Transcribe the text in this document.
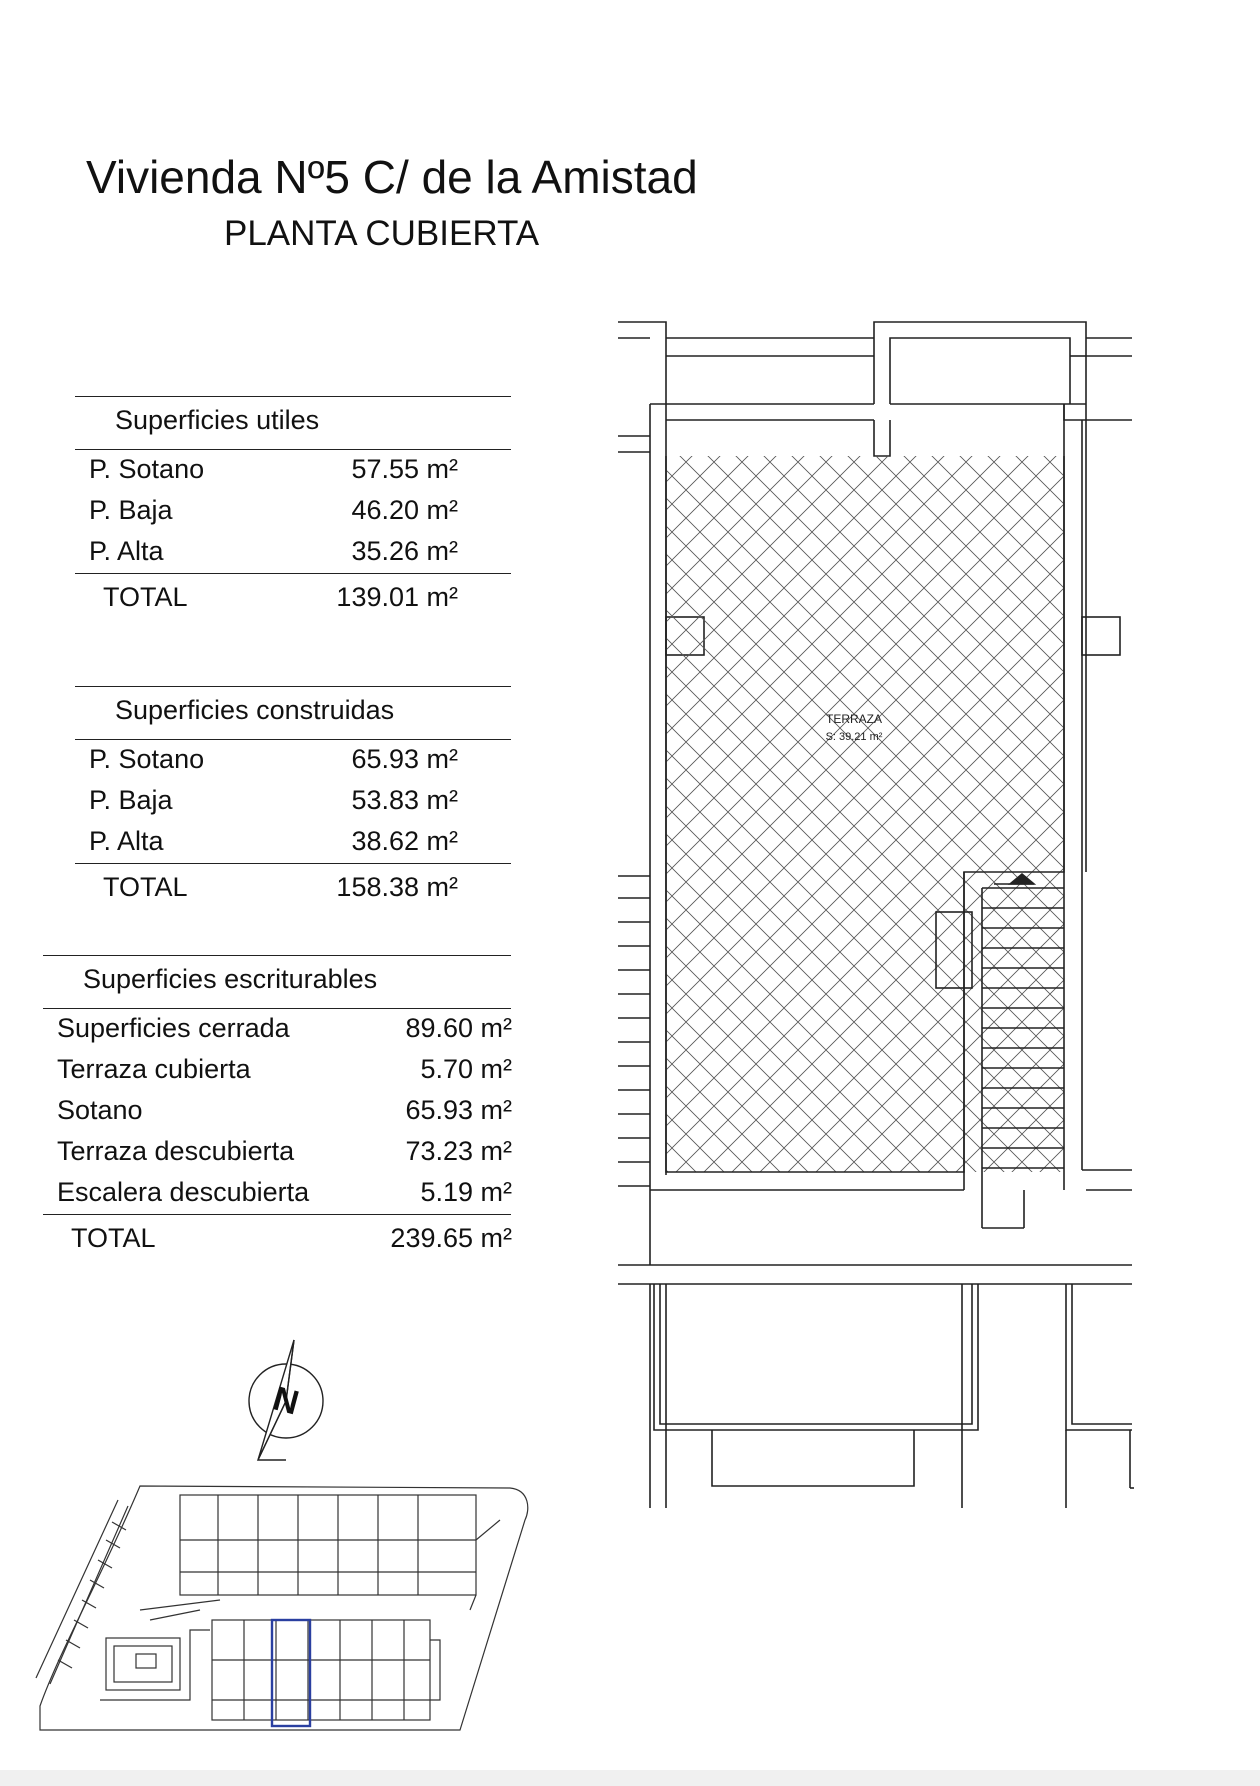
Vivienda Nº5 C/ de la Amistad
PLANTA CUBIERTA
Superficies utiles
P. Sotano	57.55 m²
P. Baja	46.20 m²
P. Alta	35.26 m²
TOTAL	139.01 m²
Superficies construidas
P. Sotano	65.93 m²
P. Baja	53.83 m²
P. Alta	38.62 m²
TOTAL	158.38 m²
Superficies escriturables
Superficies cerrada	89.60 m²
Terraza cubierta	5.70 m²
Sotano	65.93 m²
Terraza descubierta	73.23 m²
Escalera descubierta	5.19 m²
TOTAL	239.65 m²
TERRAZA
S: 39.21 m²
N
